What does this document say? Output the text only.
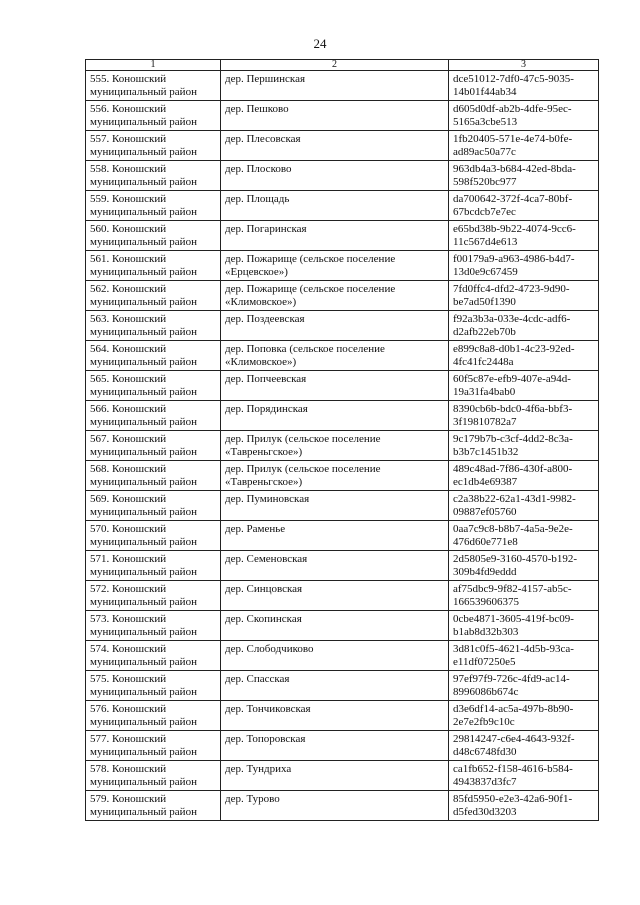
24
1	2	3

555. Коношский
муниципальный район	дер. Першинская	dce51012-7df0-47c5-9035-
14b01f44ab34

556. Коношский
муниципальный район	дер. Пешково	d605d0df-ab2b-4dfe-95ec-
5165a3cbe513

557. Коношский
муниципальный район	дер. Плесовская	1fb20405-571e-4e74-b0fe-
ad89ac50a77c

558. Коношский
муниципальный район	дер. Плосково	963db4a3-b684-42ed-8bda-
598f520bc977

559. Коношский
муниципальный район	дер. Площадь	da700642-372f-4ca7-80bf-
67bcdcb7e7ec

560. Коношский
муниципальный район	дер. Погаринская	e65bd38b-9b22-4074-9cc6-
11c567d4e613

561. Коношский
муниципальный район	дер. Пожарище (сельское поселение
«Ерцевское»)	f00179a9-a963-4986-b4d7-
13d0e9c67459

562. Коношский
муниципальный район	дер. Пожарище (сельское поселение
«Климовское»)	7fd0ffc4-dfd2-4723-9d90-
be7ad50f1390

563. Коношский
муниципальный район	дер. Поздеевская	f92a3b3a-033e-4cdc-adf6-
d2afb22eb70b

564. Коношский
муниципальный район	дер. Поповка (сельское поселение
«Климовское»)	e899c8a8-d0b1-4c23-92ed-
4fc41fc2448a

565. Коношский
муниципальный район	дер. Попчеевская	60f5c87e-efb9-407e-a94d-
19a31fa4bab0

566. Коношский
муниципальный район	дер. Порядинская	8390cb6b-bdc0-4f6a-bbf3-
3f19810782a7

567. Коношский
муниципальный район	дер. Прилук (сельское поселение
«Тавреньгское»)	9c179b7b-c3cf-4dd2-8c3a-
b3b7c1451b32

568. Коношский
муниципальный район	дер. Прилук (сельское поселение
«Тавреньгское»)	489c48ad-7f86-430f-a800-
ec1db4e69387

569. Коношский
муниципальный район	дер. Пуминовская	c2a38b22-62a1-43d1-9982-
09887ef05760

570. Коношский
муниципальный район	дер. Раменье	0aa7c9c8-b8b7-4a5a-9e2e-
476d60e771e8

571. Коношский
муниципальный район	дер. Семеновская	2d5805e9-3160-4570-b192-
309b4fd9eddd

572. Коношский
муниципальный район	дер. Синцовская	af75dbc9-9f82-4157-ab5c-
166539606375

573. Коношский
муниципальный район	дер. Скопинская	0cbe4871-3605-419f-bc09-
b1ab8d32b303

574. Коношский
муниципальный район	дер. Слободчиково	3d81c0f5-4621-4d5b-93ca-
e11df07250e5

575. Коношский
муниципальный район	дер. Спасская	97ef97f9-726c-4fd9-ac14-
8996086b674c

576. Коношский
муниципальный район	дер. Тончиковская	d3e6df14-ac5a-497b-8b90-
2e7e2fb9c10c

577. Коношский
муниципальный район	дер. Топоровская	29814247-c6e4-4643-932f-
d48c6748fd30

578. Коношский
муниципальный район	дер. Тундриха	ca1fb652-f158-4616-b584-
4943837d3fc7

579. Коношский
муниципальный район	дер. Турово	85fd5950-e2e3-42a6-90f1-
d5fed30d3203
